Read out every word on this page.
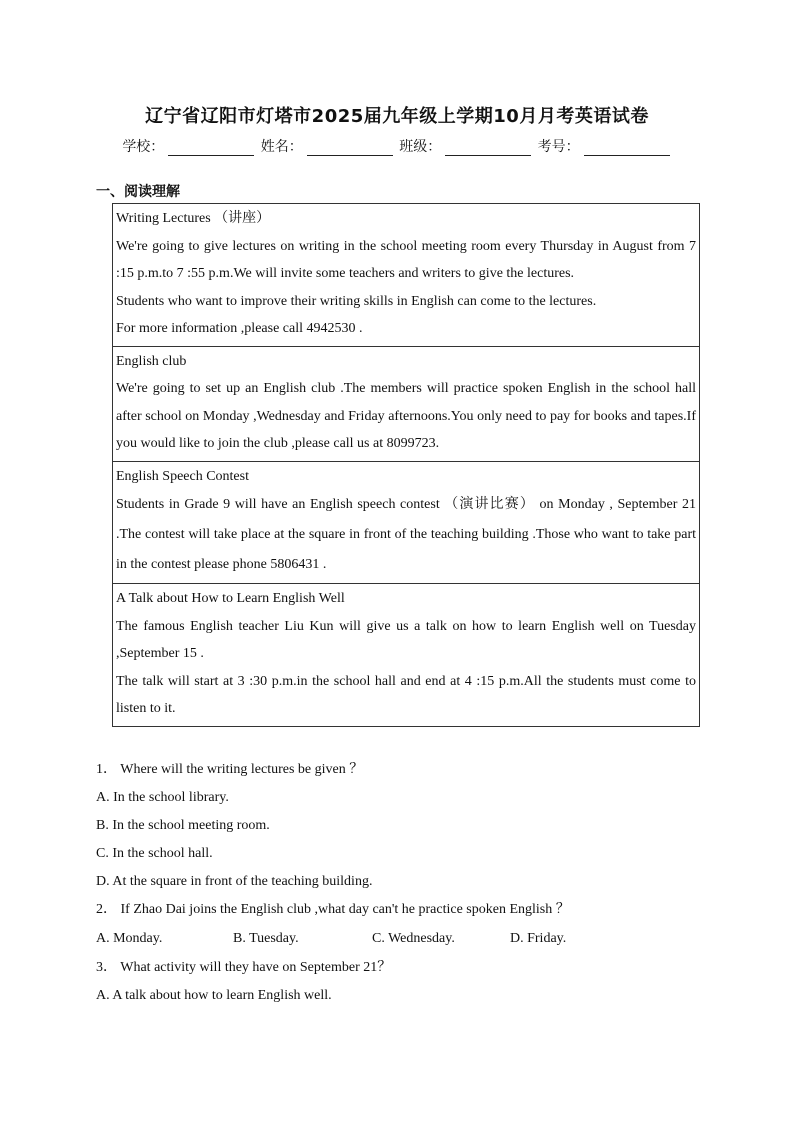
辽宁省辽阳市灯塔市2025届九年级上学期10月月考英语试卷
学校：	姓名：	班级：	考号：
一、阅读理解
Writing Lectures （讲座）
We're going to give lectures on writing in the school meeting room every Thursday in August from 7 :15 p.m.to 7 :55 p.m.We will invite some teachers and writers to give the lectures.
Students who want to improve their writing skills in English can come to the lectures.
For more information ,please call 4942530 .

English club
We're going to set up an English club .The members will practice spoken English in the school hall after school on Monday ,Wednesday and Friday afternoons.You only need to pay for books and tapes.If you would like to join the club ,please call us at 8099723.

English Speech Contest
Students in Grade 9 will have an English speech contest （演讲比赛） on Monday , September 21 .The contest will take place at the square in front of the teaching building .Those who want to take part in the contest please phone 5806431 .

A Talk about How to Learn English Well
The famous English teacher Liu Kun will give us a talk on how to learn English well on Tuesday ,September 15 .
The talk will start at 3 :30 p.m.in the school hall and end at 4 :15 p.m.All the students must come to listen to it.
1． Where will the writing lectures be given ？
A. In the school library.
B. In the school meeting room.
C. In the school hall.
D. At the square in front of the teaching building.
2． If Zhao Dai joins the English club ,what day can't he practice spoken English ？
A. Monday.	B. Tuesday.	C. Wednesday.	D. Friday.
3． What activity will they have on September 21？
A. A talk about how to learn English well.
